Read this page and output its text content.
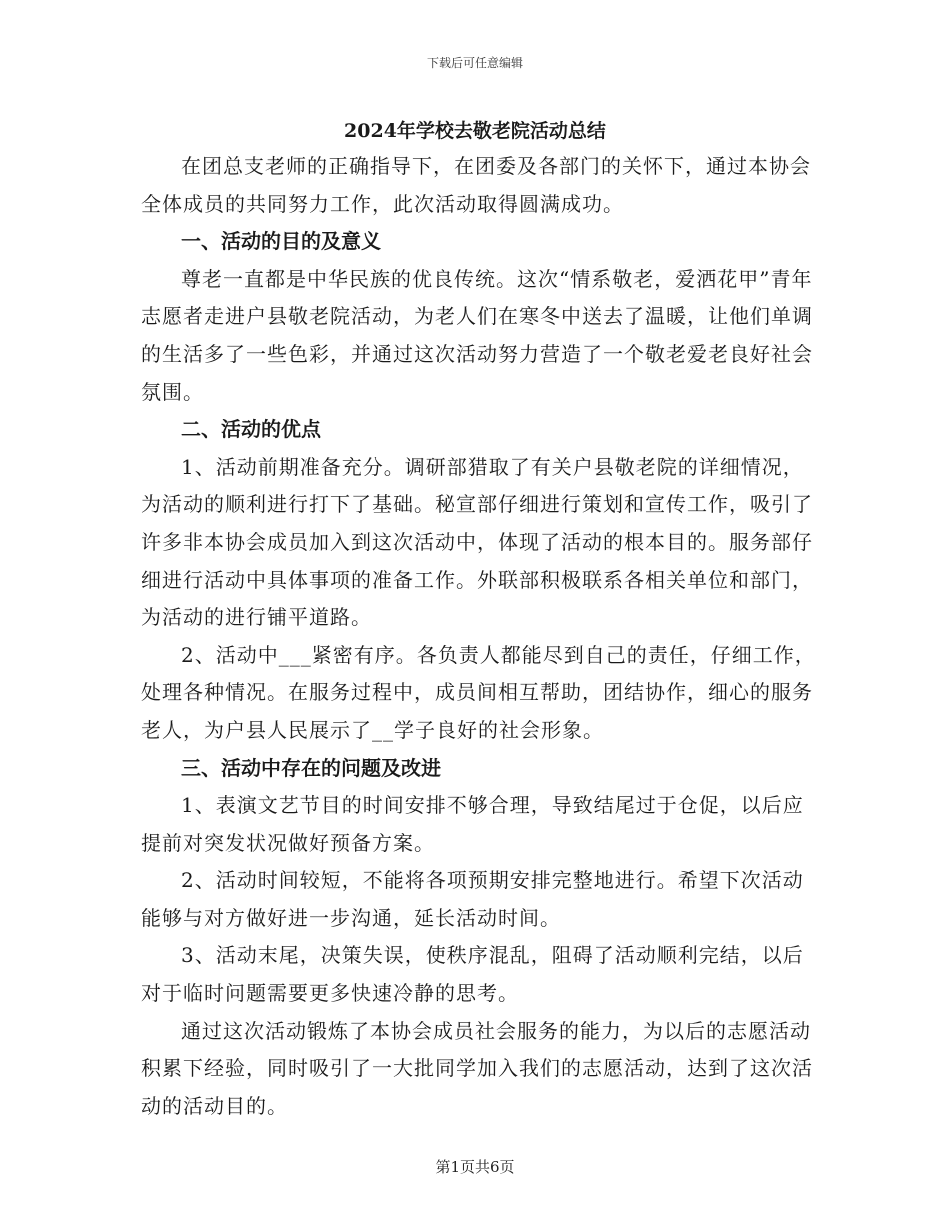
下载后可任意编辑
2024年学校去敬老院活动总结

在团总支老师的正确指导下，在团委及各部门的关怀下，通过本协会全体成员的共同努力工作，此次活动取得圆满成功。

一、活动的目的及意义

尊老一直都是中华民族的优良传统。这次“情系敬老，爱洒花甲”青年志愿者走进户县敬老院活动，为老人们在寒冬中送去了温暖，让他们单调的生活多了一些色彩，并通过这次活动努力营造了一个敬老爱老良好社会氛围。

二、活动的优点

1、活动前期准备充分。调研部猎取了有关户县敬老院的详细情况，为活动的顺利进行打下了基础。秘宣部仔细进行策划和宣传工作，吸引了许多非本协会成员加入到这次活动中，体现了活动的根本目的。服务部仔细进行活动中具体事项的准备工作。外联部积极联系各相关单位和部门，为活动的进行铺平道路。

2、活动中___紧密有序。各负责人都能尽到自己的责任，仔细工作，处理各种情况。在服务过程中，成员间相互帮助，团结协作，细心的服务老人，为户县人民展示了__学子良好的社会形象。

三、活动中存在的问题及改进

1、表演文艺节目的时间安排不够合理，导致结尾过于仓促，以后应提前对突发状况做好预备方案。

2、活动时间较短，不能将各项预期安排完整地进行。希望下次活动能够与对方做好进一步沟通，延长活动时间。

3、活动末尾，决策失误，使秩序混乱，阻碍了活动顺利完结，以后对于临时问题需要更多快速冷静的思考。

通过这次活动锻炼了本协会成员社会服务的能力，为以后的志愿活动积累下经验，同时吸引了一大批同学加入我们的志愿活动，达到了这次活动的活动目的。

第1页共6页
